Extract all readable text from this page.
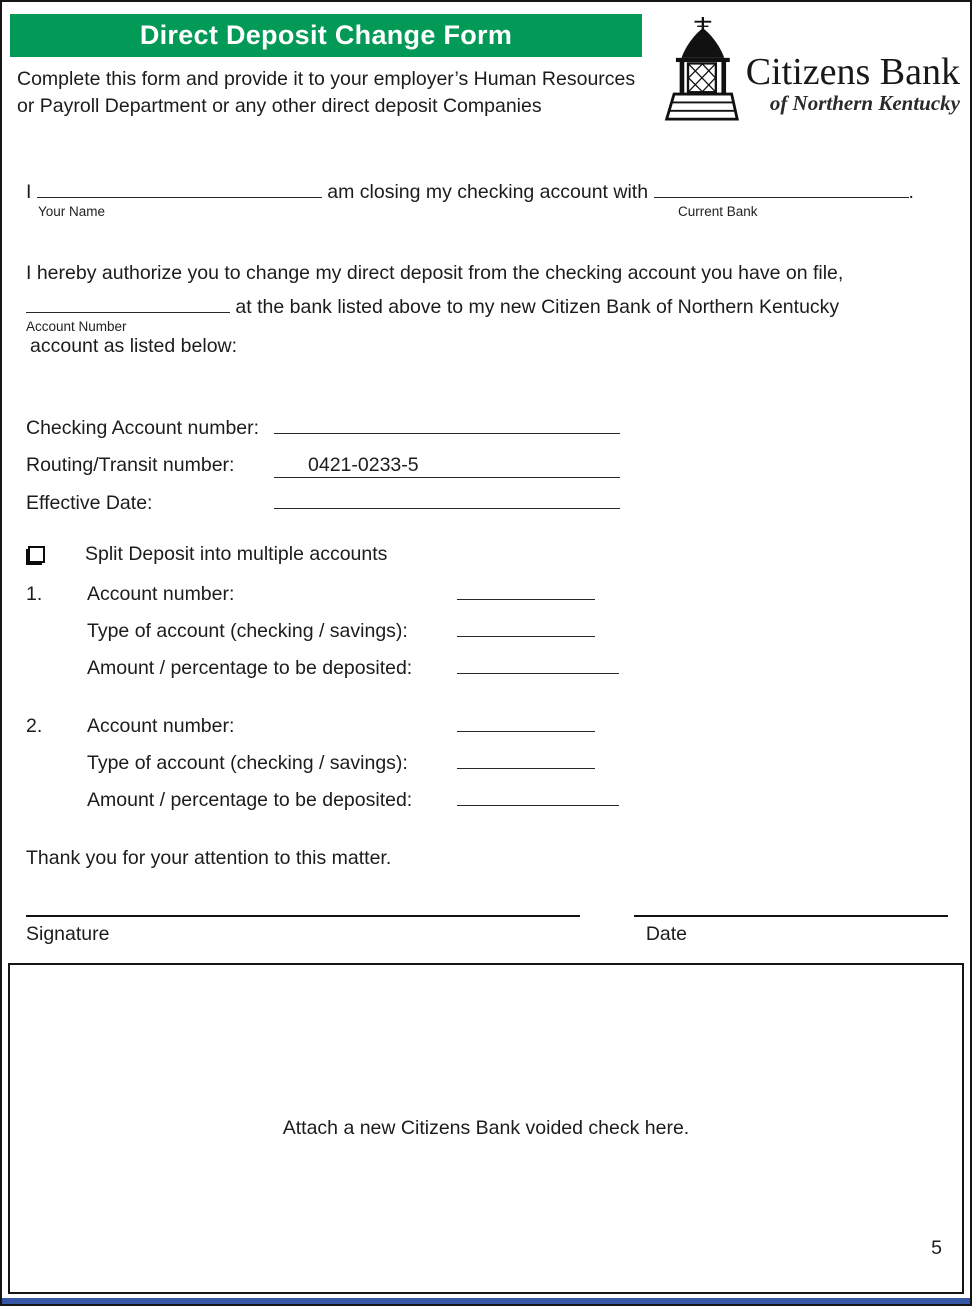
Direct Deposit Change Form

Complete this form and provide it to your employer’s Human Resources or Payroll Department or any other direct deposit Companies

Citizens Bank
of Northern Kentucky
I	am closing my checking account with	.
Your Name	Current Bank
I hereby authorize you to change my direct deposit from the checking account you have on file,
at the bank listed above to my new Citizen Bank of Northern Kentucky
Account Number
account as listed below:
Checking Account number:
Routing/Transit number:	0421-0233-5
Effective Date:
Split Deposit into multiple accounts
1. Account number:
Type of account (checking / savings):
Amount / percentage to be deposited:
2. Account number:
Type of account (checking / savings):
Amount / percentage to be deposited:
Thank you for your attention to this matter.
Signature	Date
Attach a new Citizens Bank voided check here.
5
